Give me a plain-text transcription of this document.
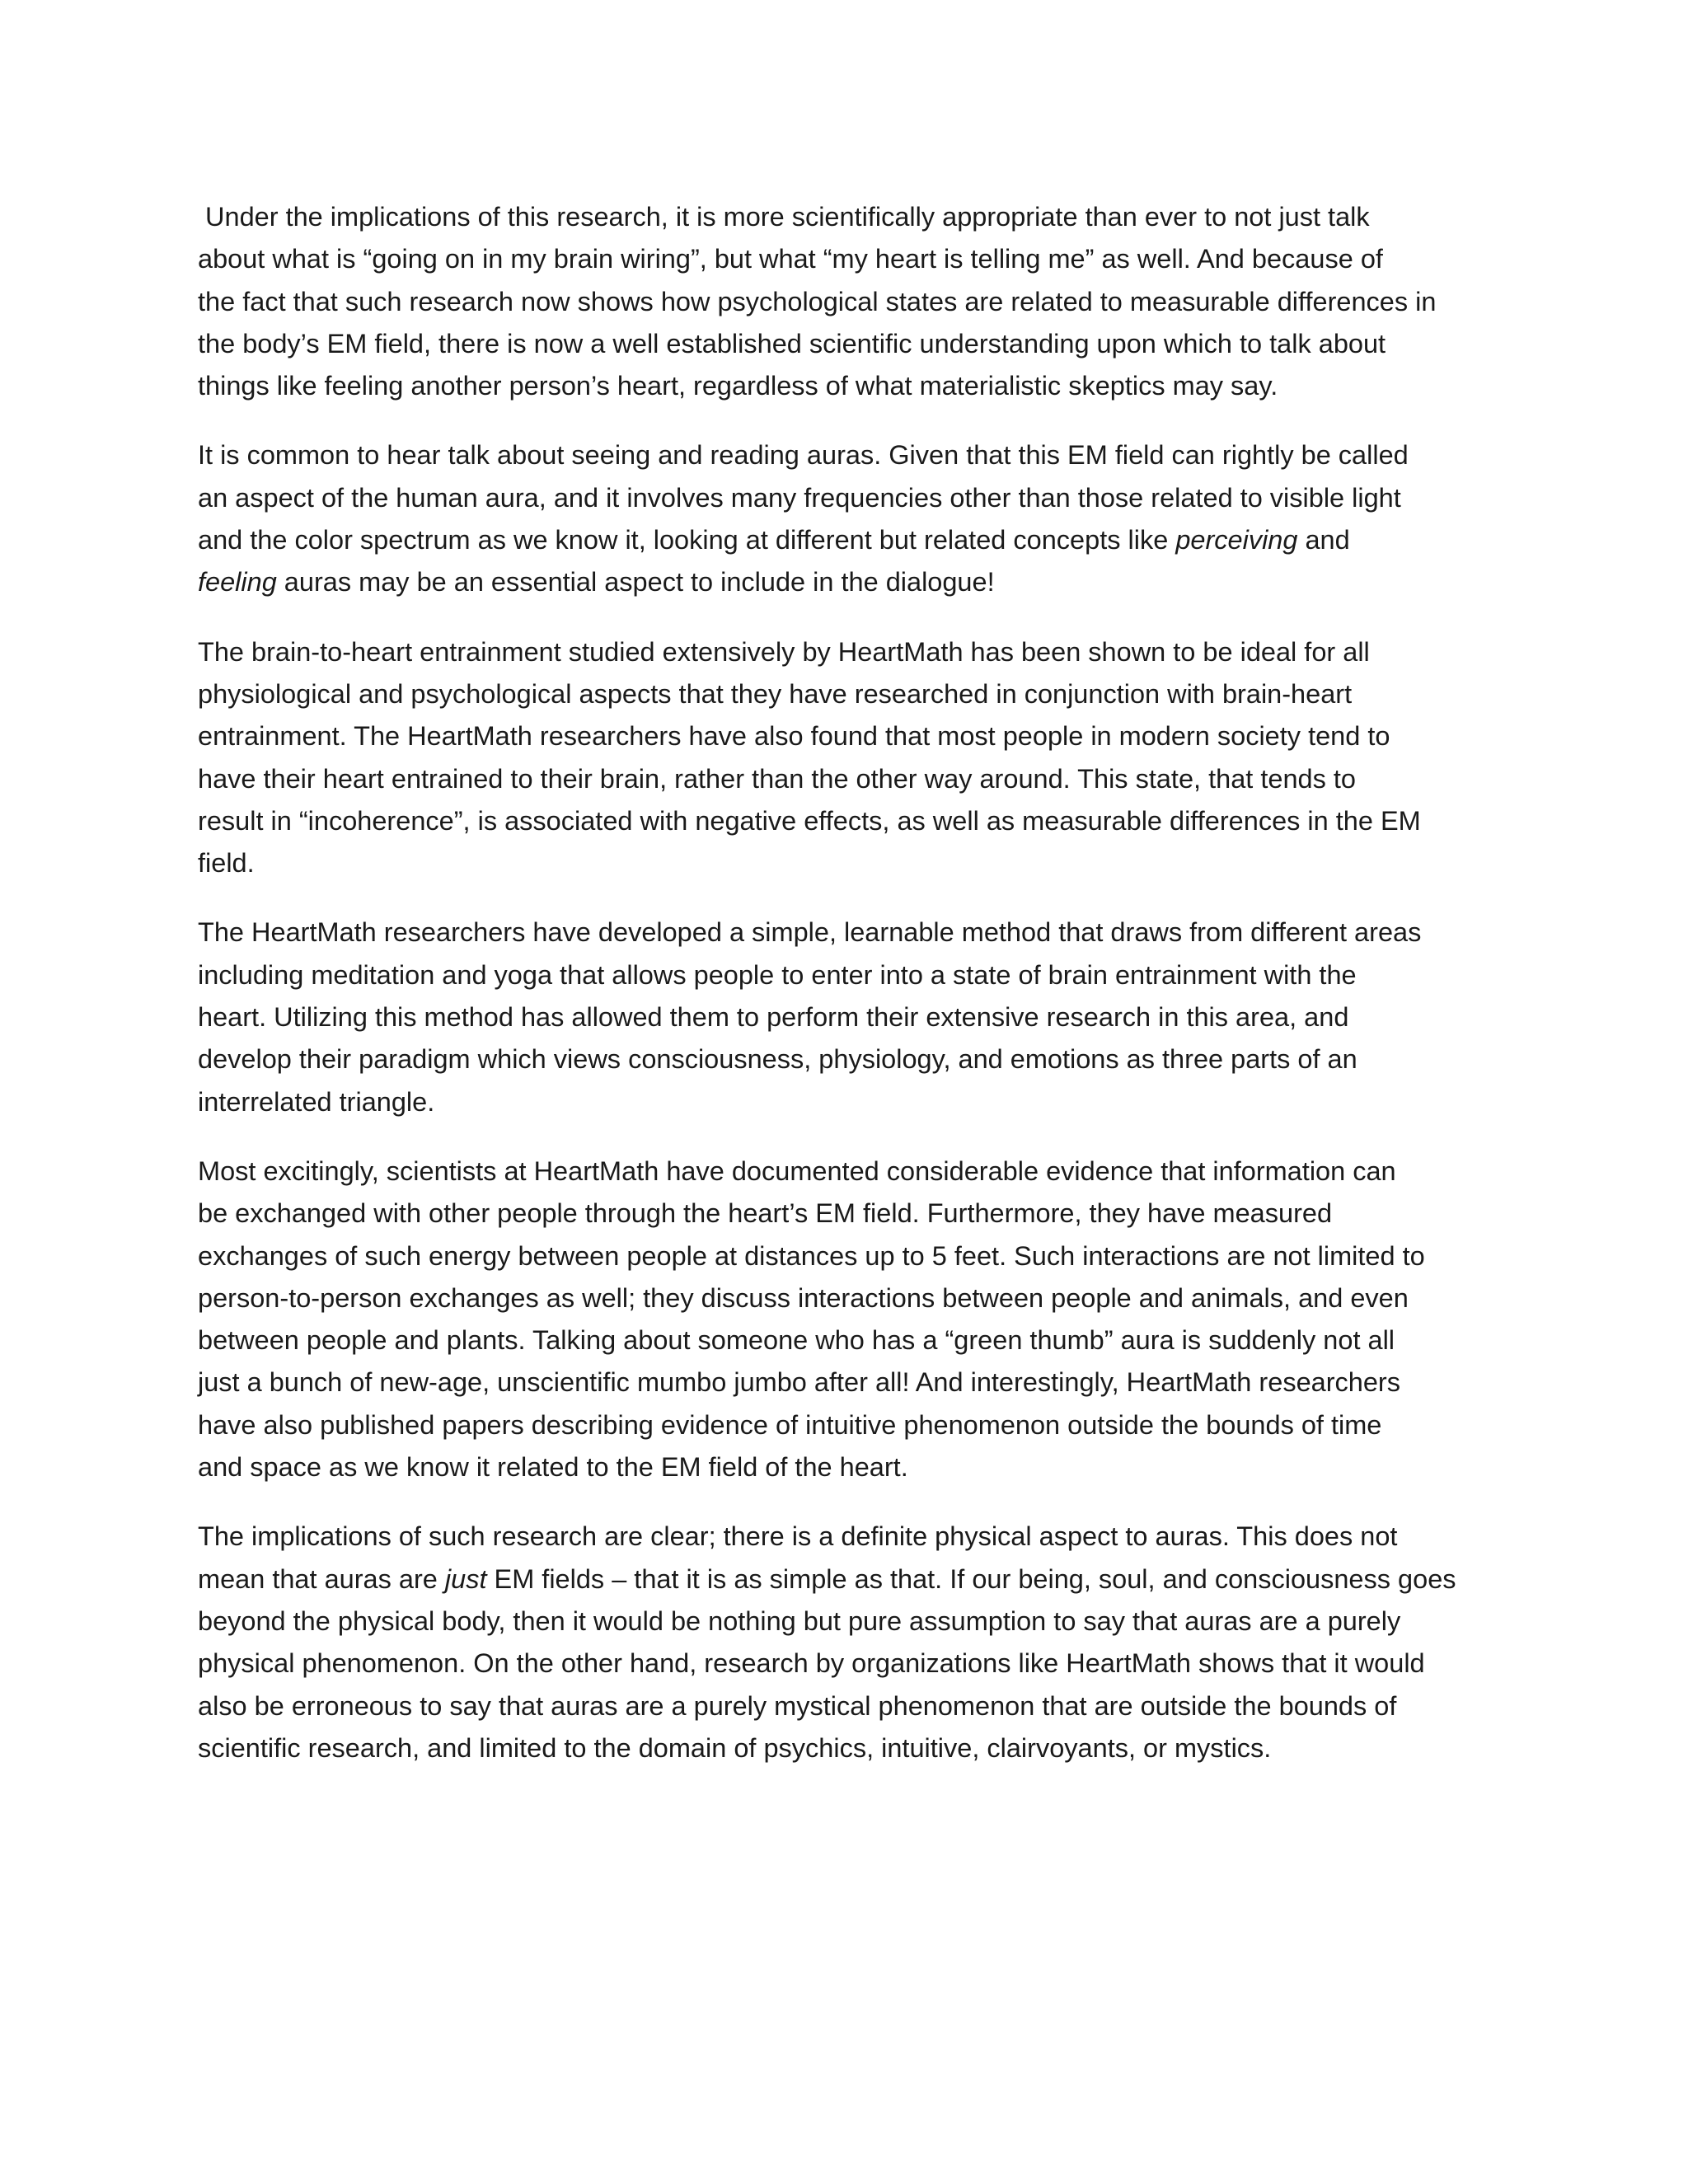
Under the implications of this research, it is more scientifically appropriate than ever to not just talk
about what is “going on in my brain wiring”, but what “my heart is telling me” as well. And because of
the fact that such research now shows how psychological states are related to measurable differences in
the body’s EM field, there is now a well established scientific understanding upon which to talk about
things like feeling another person’s heart, regardless of what materialistic skeptics may say.

It is common to hear talk about seeing and reading auras. Given that this EM field can rightly be called
an aspect of the human aura, and it involves many frequencies other than those related to visible light
and the color spectrum as we know it, looking at different but related concepts like perceiving and
feeling auras may be an essential aspect to include in the dialogue!

The brain-to-heart entrainment studied extensively by HeartMath has been shown to be ideal for all
physiological and psychological aspects that they have researched in conjunction with brain-heart
entrainment. The HeartMath researchers have also found that most people in modern society tend to
have their heart entrained to their brain, rather than the other way around. This state, that tends to
result in “incoherence”, is associated with negative effects, as well as measurable differences in the EM
field.

The HeartMath researchers have developed a simple, learnable method that draws from different areas
including meditation and yoga that allows people to enter into a state of brain entrainment with the
heart. Utilizing this method has allowed them to perform their extensive research in this area, and
develop their paradigm which views consciousness, physiology, and emotions as three parts of an
interrelated triangle.

Most excitingly, scientists at HeartMath have documented considerable evidence that information can
be exchanged with other people through the heart’s EM field. Furthermore, they have measured
exchanges of such energy between people at distances up to 5 feet. Such interactions are not limited to
person-to-person exchanges as well; they discuss interactions between people and animals, and even
between people and plants. Talking about someone who has a “green thumb” aura is suddenly not all
just a bunch of new-age, unscientific mumbo jumbo after all! And interestingly, HeartMath researchers
have also published papers describing evidence of intuitive phenomenon outside the bounds of time
and space as we know it related to the EM field of the heart.

The implications of such research are clear; there is a definite physical aspect to auras. This does not
mean that auras are just EM fields – that it is as simple as that. If our being, soul, and consciousness goes
beyond the physical body, then it would be nothing but pure assumption to say that auras are a purely
physical phenomenon. On the other hand, research by organizations like HeartMath shows that it would
also be erroneous to say that auras are a purely mystical phenomenon that are outside the bounds of
scientific research, and limited to the domain of psychics, intuitive, clairvoyants, or mystics.
